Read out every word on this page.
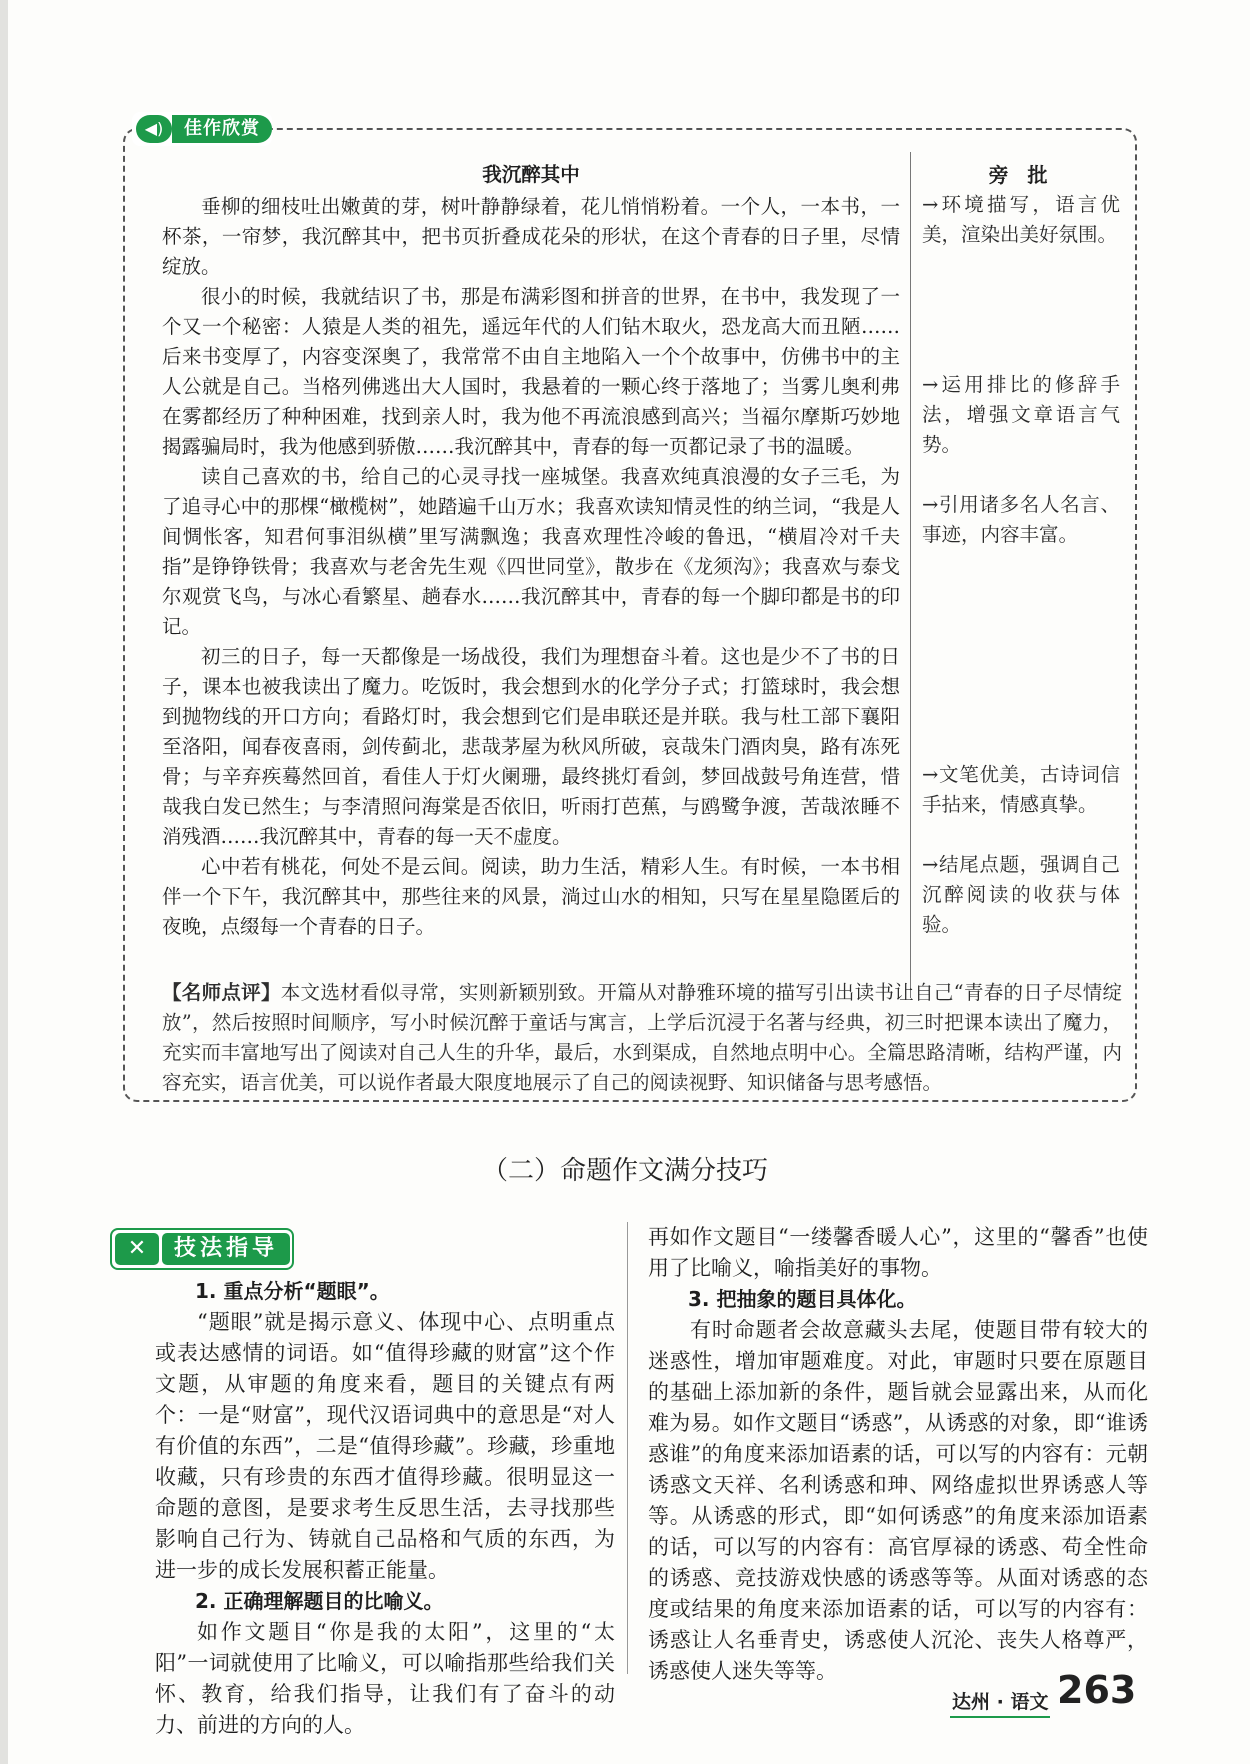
◀)	佳作欣赏
我沉醉其中

垂柳的细枝吐出嫩黄的芽，树叶静静绿着，花儿悄悄粉着。一个人，一本书，一杯茶，一帘梦，我沉醉其中，把书页折叠成花朵的形状，在这个青春的日子里，尽情绽放。

很小的时候，我就结识了书，那是布满彩图和拼音的世界，在书中，我发现了一个又一个秘密：人猿是人类的祖先，遥远年代的人们钻木取火，恐龙高大而丑陋……后来书变厚了，内容变深奥了，我常常不由自主地陷入一个个故事中，仿佛书中的主人公就是自己。当格列佛逃出大人国时，我悬着的一颗心终于落地了；当雾儿奥利弗在雾都经历了种种困难，找到亲人时，我为他不再流浪感到高兴；当福尔摩斯巧妙地揭露骗局时，我为他感到骄傲……我沉醉其中，青春的每一页都记录了书的温暖。

读自己喜欢的书，给自己的心灵寻找一座城堡。我喜欢纯真浪漫的女子三毛，为了追寻心中的那棵“橄榄树”，她踏遍千山万水；我喜欢读知情灵性的纳兰词，“我是人间惆怅客，知君何事泪纵横”里写满飘逸；我喜欢理性冷峻的鲁迅，“横眉冷对千夫指”是铮铮铁骨；我喜欢与老舍先生观《四世同堂》，散步在《龙须沟》；我喜欢与泰戈尔观赏飞鸟，与冰心看繁星、趟春水……我沉醉其中，青春的每一个脚印都是书的印记。

初三的日子，每一天都像是一场战役，我们为理想奋斗着。这也是少不了书的日子，课本也被我读出了魔力。吃饭时，我会想到水的化学分子式；打篮球时，我会想到抛物线的开口方向；看路灯时，我会想到它们是串联还是并联。我与杜工部下襄阳至洛阳，闻春夜喜雨，剑传蓟北，悲哉茅屋为秋风所破，哀哉朱门酒肉臭，路有冻死骨；与辛弃疾蓦然回首，看佳人于灯火阑珊，最终挑灯看剑，梦回战鼓号角连营，惜哉我白发已然生；与李清照问海棠是否依旧，听雨打芭蕉，与鸥鹭争渡，苦哉浓睡不消残酒……我沉醉其中，青春的每一天不虚度。

心中若有桃花，何处不是云间。阅读，助力生活，精彩人生。有时候，一本书相伴一个下午，我沉醉其中，那些往来的风景，淌过山水的相知，只写在星星隐匿后的夜晚，点缀每一个青春的日子。

旁 批
→环境描写，语言优美，渲染出美好氛围。
→运用排比的修辞手法，增强文章语言气势。
→引用诸多名人名言、事迹，内容丰富。
→文笔优美，古诗词信手拈来，情感真挚。
→结尾点题，强调自己沉醉阅读的收获与体验。
【名师点评】本文选材看似寻常，实则新颖别致。开篇从对静雅环境的描写引出读书让自己“青春的日子尽情绽放”，然后按照时间顺序，写小时候沉醉于童话与寓言，上学后沉浸于名著与经典，初三时把课本读出了魔力，充实而丰富地写出了阅读对自己人生的升华，最后，水到渠成，自然地点明中心。全篇思路清晰，结构严谨，内容充实，语言优美，可以说作者最大限度地展示了自己的阅读视野、知识储备与思考感悟。
（二）命题作文满分技巧
✕	技法指导

1. 重点分析“题眼”。

“题眼”就是揭示意义、体现中心、点明重点或表达感情的词语。如“值得珍藏的财富”这个作文题，从审题的角度来看，题目的关键点有两个：一是“财富”，现代汉语词典中的意思是“对人有价值的东西”，二是“值得珍藏”。珍藏，珍重地收藏，只有珍贵的东西才值得珍藏。很明显这一命题的意图，是要求考生反思生活，去寻找那些影响自己行为、铸就自己品格和气质的东西，为进一步的成长发展积蓄正能量。

2. 正确理解题目的比喻义。

如作文题目“你是我的太阳”，这里的“太阳”一词就使用了比喻义，可以喻指那些给我们关怀、教育，给我们指导，让我们有了奋斗的动力、前进的方向的人。

再如作文题目“一缕馨香暖人心”，这里的“馨香”也使用了比喻义，喻指美好的事物。

3. 把抽象的题目具体化。

有时命题者会故意藏头去尾，使题目带有较大的迷惑性，增加审题难度。对此，审题时只要在原题目的基础上添加新的条件，题旨就会显露出来，从而化难为易。如作文题目“诱惑”，从诱惑的对象，即“谁诱惑谁”的角度来添加语素的话，可以写的内容有：元朝诱惑文天祥、名利诱惑和珅、网络虚拟世界诱惑人等等。从诱惑的形式，即“如何诱惑”的角度来添加语素的话，可以写的内容有：高官厚禄的诱惑、苟全性命的诱惑、竞技游戏快感的诱惑等等。从面对诱惑的态度或结果的角度来添加语素的话，可以写的内容有：诱惑让人名垂青史，诱惑使人沉沦、丧失人格尊严，诱惑使人迷失等等。

达州 · 语文 263
